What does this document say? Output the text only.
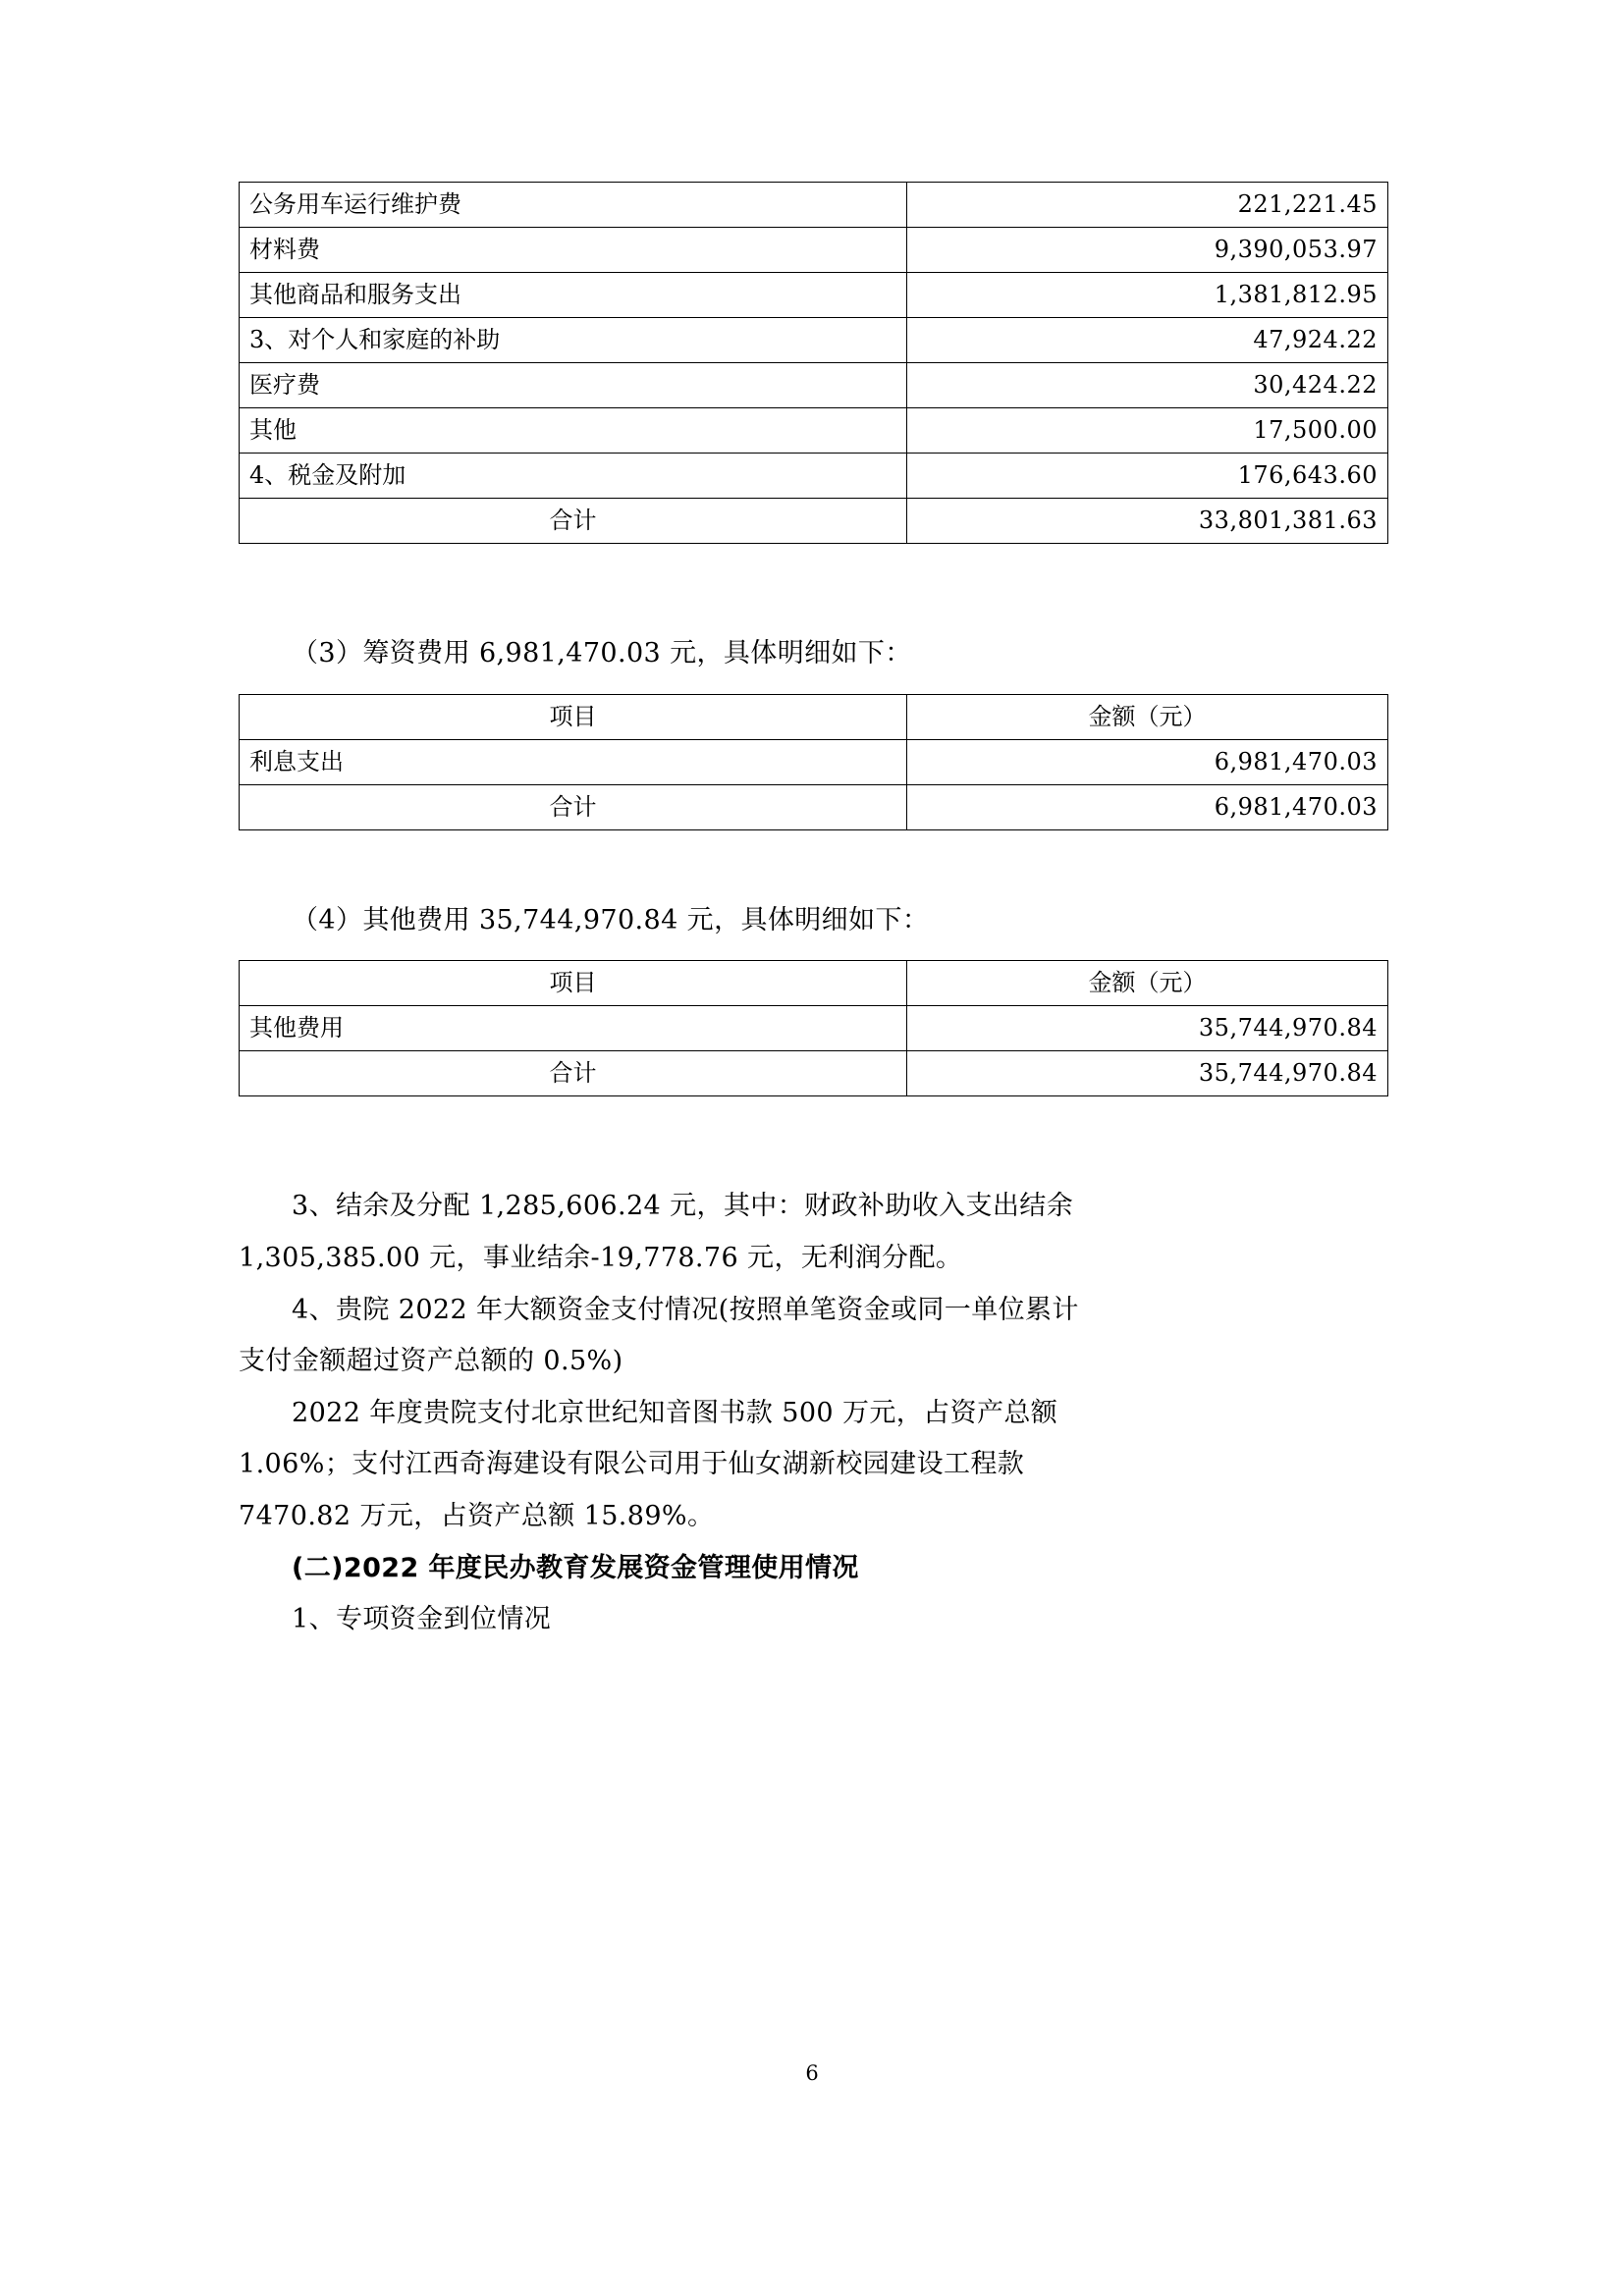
公务用车运行维护费	221,221.45
材料费	9,390,053.97
其他商品和服务支出	1,381,812.95
3、对个人和家庭的补助	47,924.22
医疗费	30,424.22
其他	17,500.00
4、税金及附加	176,643.60
合计	33,801,381.63

（3）筹资费用 6,981,470.03 元，具体明细如下：

项目	金额（元）
利息支出	6,981,470.03
合计	6,981,470.03

（4）其他费用 35,744,970.84 元，具体明细如下：

项目	金额（元）
其他费用	35,744,970.84
合计	35,744,970.84

3、结余及分配 1,285,606.24 元，其中：财政补助收入支出结余

1,305,385.00 元，事业结余-19,778.76 元，无利润分配。

4、贵院 2022 年大额资金支付情况(按照单笔资金或同一单位累计

支付金额超过资产总额的 0.5%)

2022 年度贵院支付北京世纪知音图书款 500 万元，占资产总额

1.06%；支付江西奇海建设有限公司用于仙女湖新校园建设工程款

7470.82 万元，占资产总额 15.89%。

(二)2022 年度民办教育发展资金管理使用情况

1、专项资金到位情况

6
